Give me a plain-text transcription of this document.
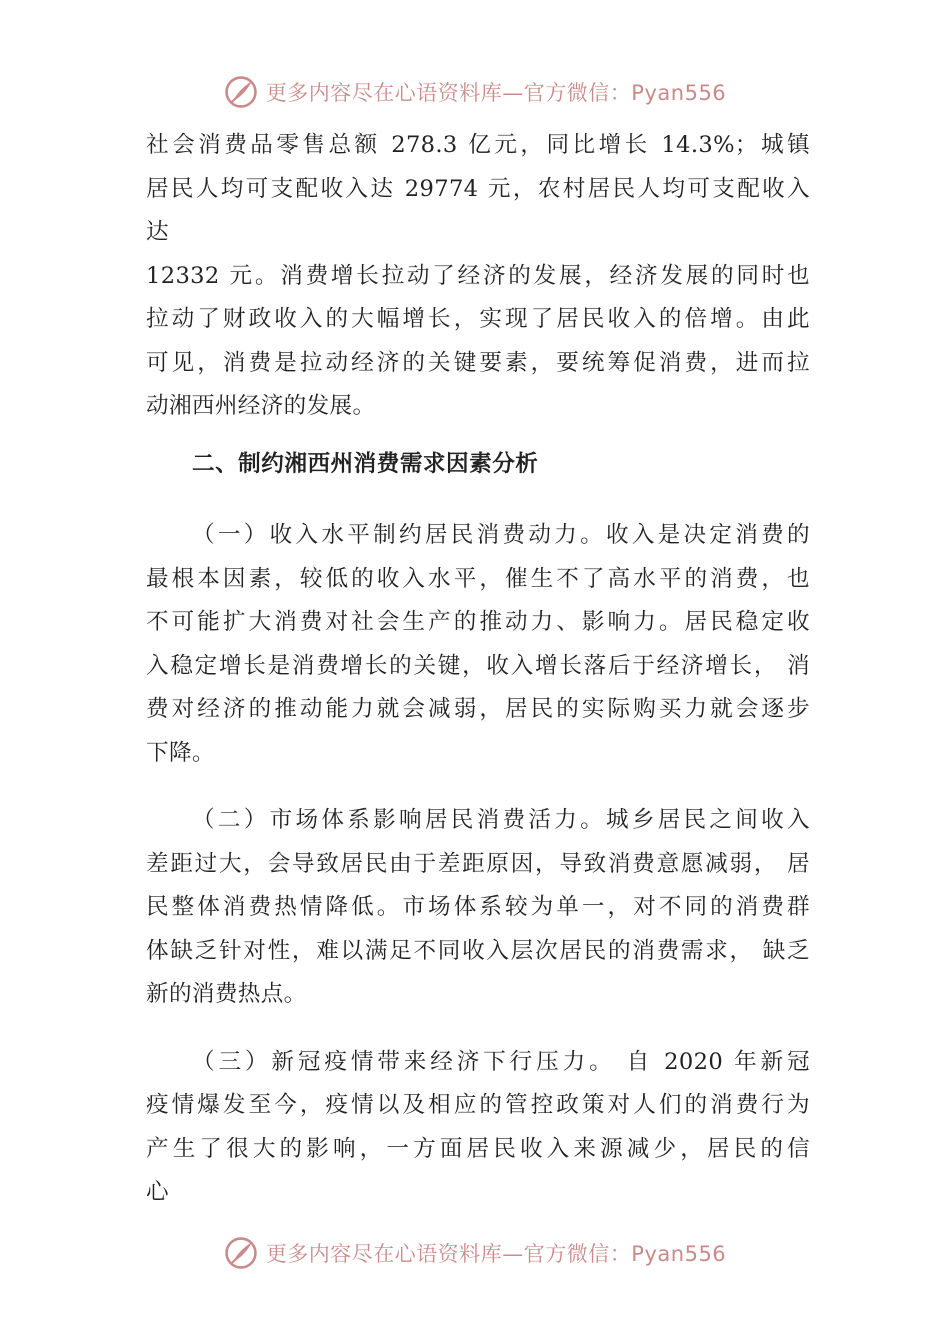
更多内容尽在心语资料库—官方微信：Pyan556
社会消费品零售总额 278.3 亿元，同比增长 14.3%；城镇
居民人均可支配收入达 29774 元，农村居民人均可支配收入
达
12332 元。消费增长拉动了经济的发展，经济发展的同时也
拉动了财政收入的大幅增长，实现了居民收入的倍增。由此
可见，消费是拉动经济的关键要素，要统筹促消费，进而拉
动湘西州经济的发展。
二、制约湘西州消费需求因素分析
（一）收入水平制约居民消费动力。收入是决定消费的
最根本因素，较低的收入水平，催生不了高水平的消费，也
不可能扩大消费对社会生产的推动力、影响力。居民稳定收
入稳定增长是消费增长的关键，收入增长落后于经济增长， 消
费对经济的推动能力就会减弱，居民的实际购买力就会逐步
下降。
（二）市场体系影响居民消费活力。城乡居民之间收入
差距过大，会导致居民由于差距原因，导致消费意愿减弱， 居
民整体消费热情降低。市场体系较为单一，对不同的消费群
体缺乏针对性，难以满足不同收入层次居民的消费需求， 缺乏
新的消费热点。
（三）新冠疫情带来经济下行压力。 自 2020 年新冠
疫情爆发至今，疫情以及相应的管控政策对人们的消费行为
产生了很大的影响，一方面居民收入来源减少，居民的信
心
更多内容尽在心语资料库—官方微信：Pyan556
